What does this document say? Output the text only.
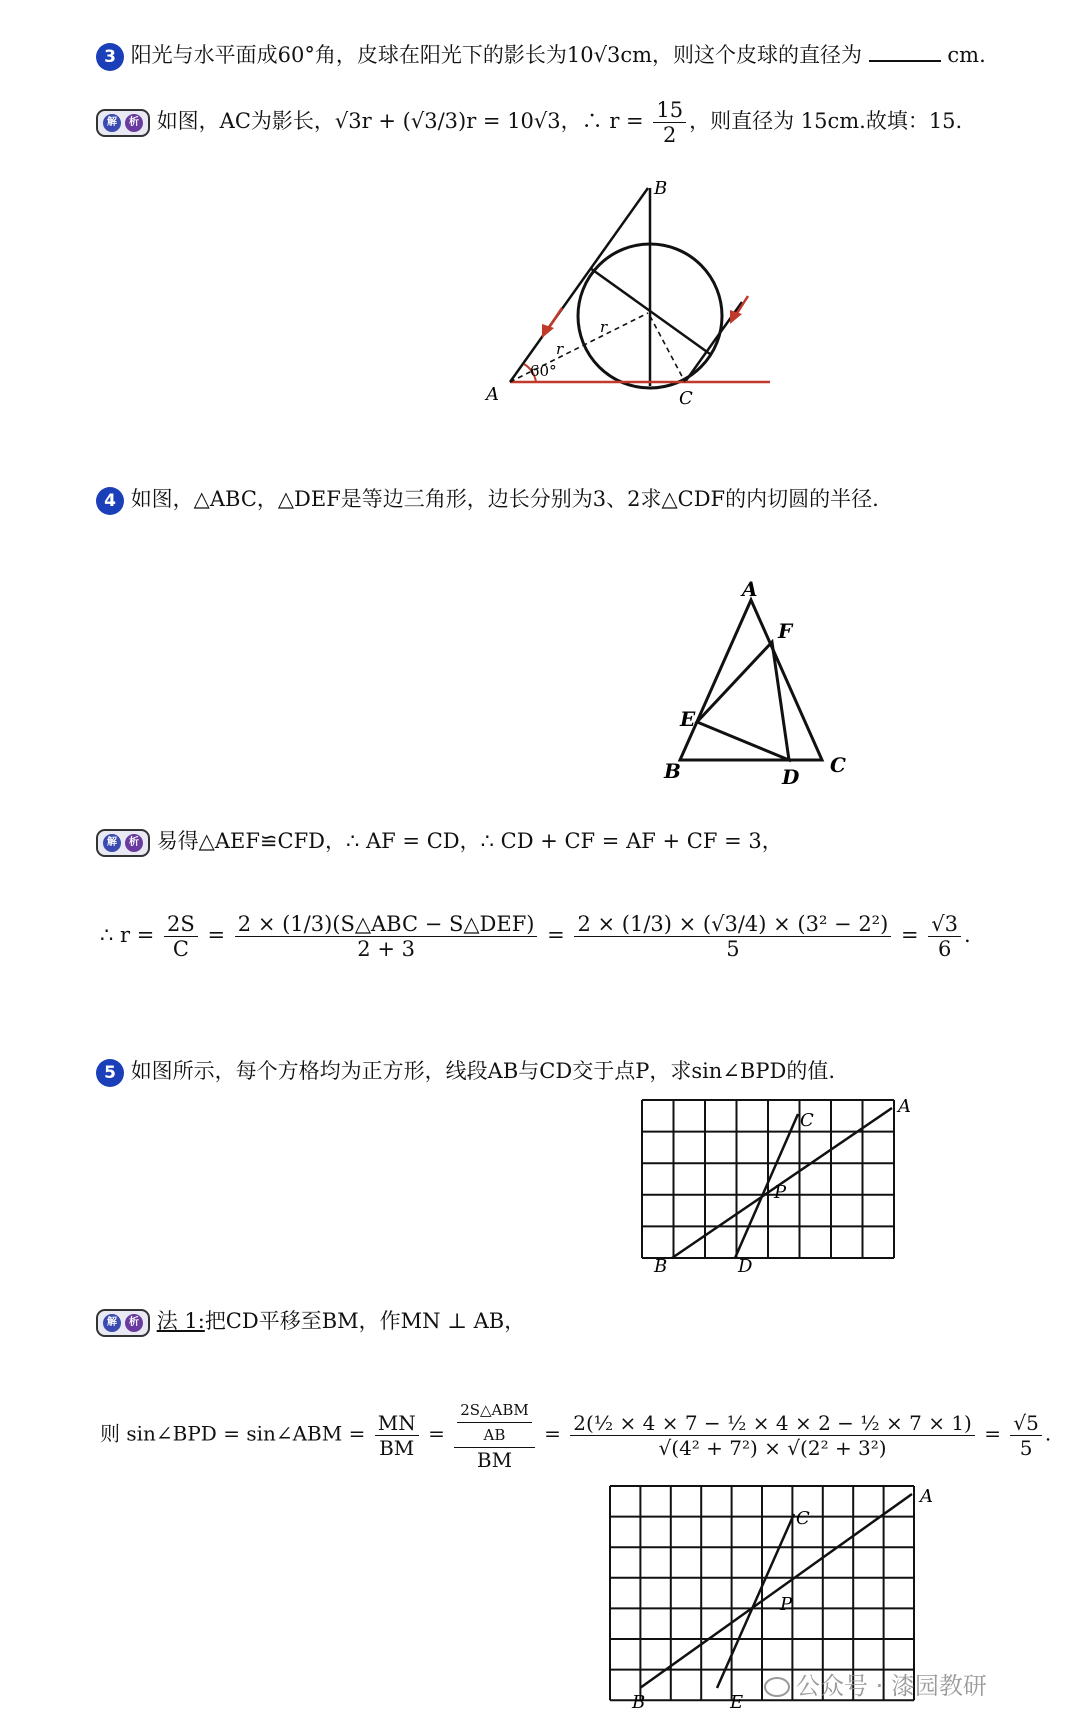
3 阳光与水平面成60°角，皮球在阳光下的影长为10√3cm，则这个皮球的直径为	cm.
解	析 如图，AC为影长，√3r + (√3/3)r = 10√3，∴ $r = \frac{15}{2}$ ，则直径为 15cm.故填：15.
B
A	C
60°
r
r
4 如图，△ABC，△DEF是等边三角形，边长分别为3、2求△CDF的内切圆的半径.
A
B	C
D
E
F
解	析 易得△AEF≌CFD，∴ AF = CD，∴ CD + CF = AF + CF = 3，
∴ $r = \frac{2S}{C} = \frac{\text{2 × (1/3)(S△ABC − S△DEF)}}{2 + 3} = \frac{\text{2 × (1/3) × (√3/4) × (3² − 2²)}}{5} = \frac{√3}{6}$ .
5 如图所示，每个方格均为正方形，线段AB与CD交于点P，求sin∠BPD的值.
A
B
C
D
P
解	析 法 1:把CD平移至BM，作MN ⊥ AB，
则 sin∠BPD = sin∠ABM = $\frac{MN}{BM} = \frac{\frac{\text{2S△ABM}}{AB}}{BM} = \frac{\text{2(½ × 4 × 7 − ½ × 4 × 2 − ½ × 7 × 1)}}{\text{√(4² + 7²) × √(2² + 3²)}} = \frac{√5}{5}$ .
A
B
C
E
P
公众号 · 漆园教研
